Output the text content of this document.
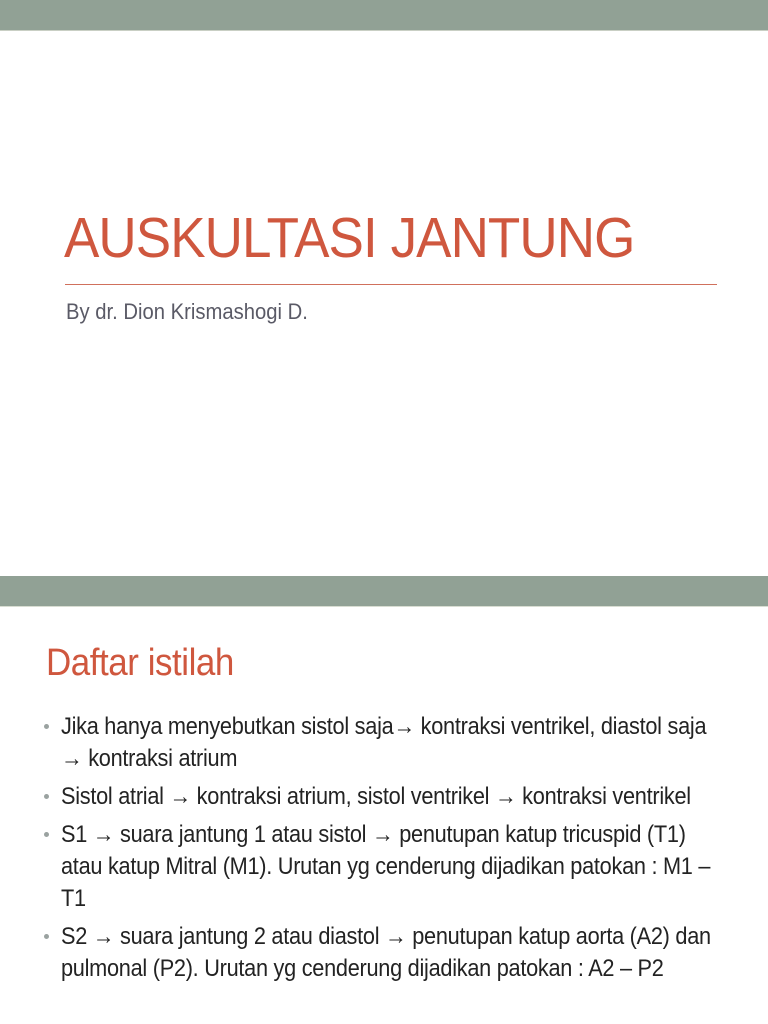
AUSKULTASI JANTUNG

By dr. Dion Krismashogi D.

Daftar istilah
Jika hanya menyebutkan sistol saja→ kontraksi ventrikel, diastol saja → kontraksi atrium
Sistol atrial → kontraksi atrium, sistol ventrikel → kontraksi ventrikel
S1 → suara jantung 1 atau sistol → penutupan katup tricuspid (T1) atau katup Mitral (M1). Urutan yg cenderung dijadikan patokan : M1 – T1
S2 → suara jantung 2 atau diastol → penutupan katup aorta (A2) dan pulmonal (P2). Urutan yg cenderung dijadikan patokan : A2 – P2
